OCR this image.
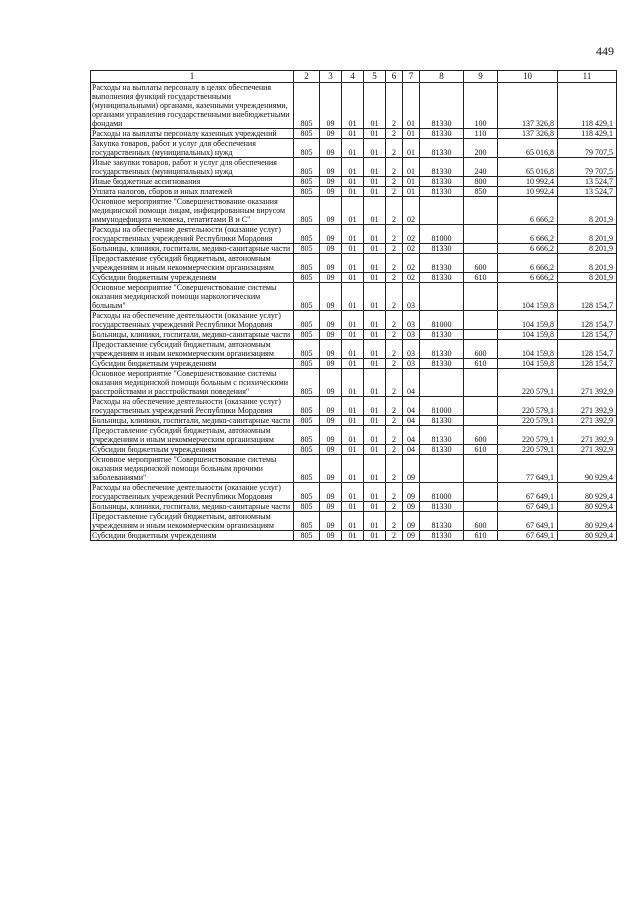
449
1	2	3	4	5	6	7	8	9	10	11
Расходы на выплаты персоналу в целях обеспечения выполнения функций государственными (муниципальными) органами, казенными учреждениями, органами управления государственными внебюджетными фондами	805	09	01	01	2	01	81330	100	137 326,8	118 429,1
Расходы на выплаты персоналу казенных учреждений	805	09	01	01	2	01	81330	110	137 326,8	118 429,1
Закупка товаров, работ и услуг для обеспечения государственных (муниципальных) нужд	805	09	01	01	2	01	81330	200	65 016,8	79 707,5
Иные закупки товаров, работ и услуг для обеспечения государственных (муниципальных) нужд	805	09	01	01	2	01	81330	240	65 016,8	79 707,5
Иные бюджетные ассигнования	805	09	01	01	2	01	81330	800	10 992,4	13 524,7
Уплата налогов, сборов и иных платежей	805	09	01	01	2	01	81330	850	10 992,4	13 524,7
Основное мероприятие "Совершенствование оказания медицинской помощи лицам, инфицированным вирусом иммунодефицита человека, гепатитами В и С"	805	09	01	01	2	02			6 666,2	8 201,9
Расходы на обеспечение деятельности (оказание услуг) государственных учреждений Республики Мордовия	805	09	01	01	2	02	81000		6 666,2	8 201,9
Больницы, клиники, госпитали, медико-санитарные части	805	09	01	01	2	02	81330		6 666,2	8 201,9
Предоставление субсидий бюджетным, автономным учреждениям и иным некоммерческим организациям	805	09	01	01	2	02	81330	600	6 666,2	8 201,9
Субсидии бюджетным учреждениям	805	09	01	01	2	02	81330	610	6 666,2	8 201,9
Основное мероприятие "Совершенствование системы оказания медицинской помощи наркологическим больным"	805	09	01	01	2	03			104 159,8	128 154,7
Расходы на обеспечение деятельности (оказание услуг) государственных учреждений Республики Мордовия	805	09	01	01	2	03	81000		104 159,8	128 154,7
Больницы, клиники, госпитали, медико-санитарные части	805	09	01	01	2	03	81330		104 159,8	128 154,7
Предоставление субсидий бюджетным, автономным учреждениям и иным некоммерческим организациям	805	09	01	01	2	03	81330	600	104 159,8	128 154,7
Субсидии бюджетным учреждениям	805	09	01	01	2	03	81330	610	104 159,8	128 154,7
Основное мероприятие "Совершенствование системы оказания медицинской помощи больным с психическими расстройствами и расстройствами поведения"	805	09	01	01	2	04			220 579,1	271 392,9
Расходы на обеспечение деятельности (оказание услуг) государственных учреждений Республики Мордовия	805	09	01	01	2	04	81000		220 579,1	271 392,9
Больницы, клиники, госпитали, медико-санитарные части	805	09	01	01	2	04	81330		220 579,1	271 392,9
Предоставление субсидий бюджетным, автономным учреждениям и иным некоммерческим организациям	805	09	01	01	2	04	81330	600	220 579,1	271 392,9
Субсидии бюджетным учреждениям	805	09	01	01	2	04	81330	610	220 579,1	271 392,9
Основное мероприятие "Совершенствование системы оказания медицинской помощи больным прочими заболеваниями"	805	09	01	01	2	09			77 649,1	90 929,4
Расходы на обеспечение деятельности (оказание услуг) государственных учреждений Республики Мордовия	805	09	01	01	2	09	81000		67 649,1	80 929,4
Больницы, клиники, госпитали, медико-санитарные части	805	09	01	01	2	09	81330		67 649,1	80 929,4
Предоставление субсидий бюджетным, автономным учреждениям и иным некоммерческим организациям	805	09	01	01	2	09	81330	600	67 649,1	80 929,4
Субсидии бюджетным учреждениям	805	09	01	01	2	09	81330	610	67 649,1	80 929,4
